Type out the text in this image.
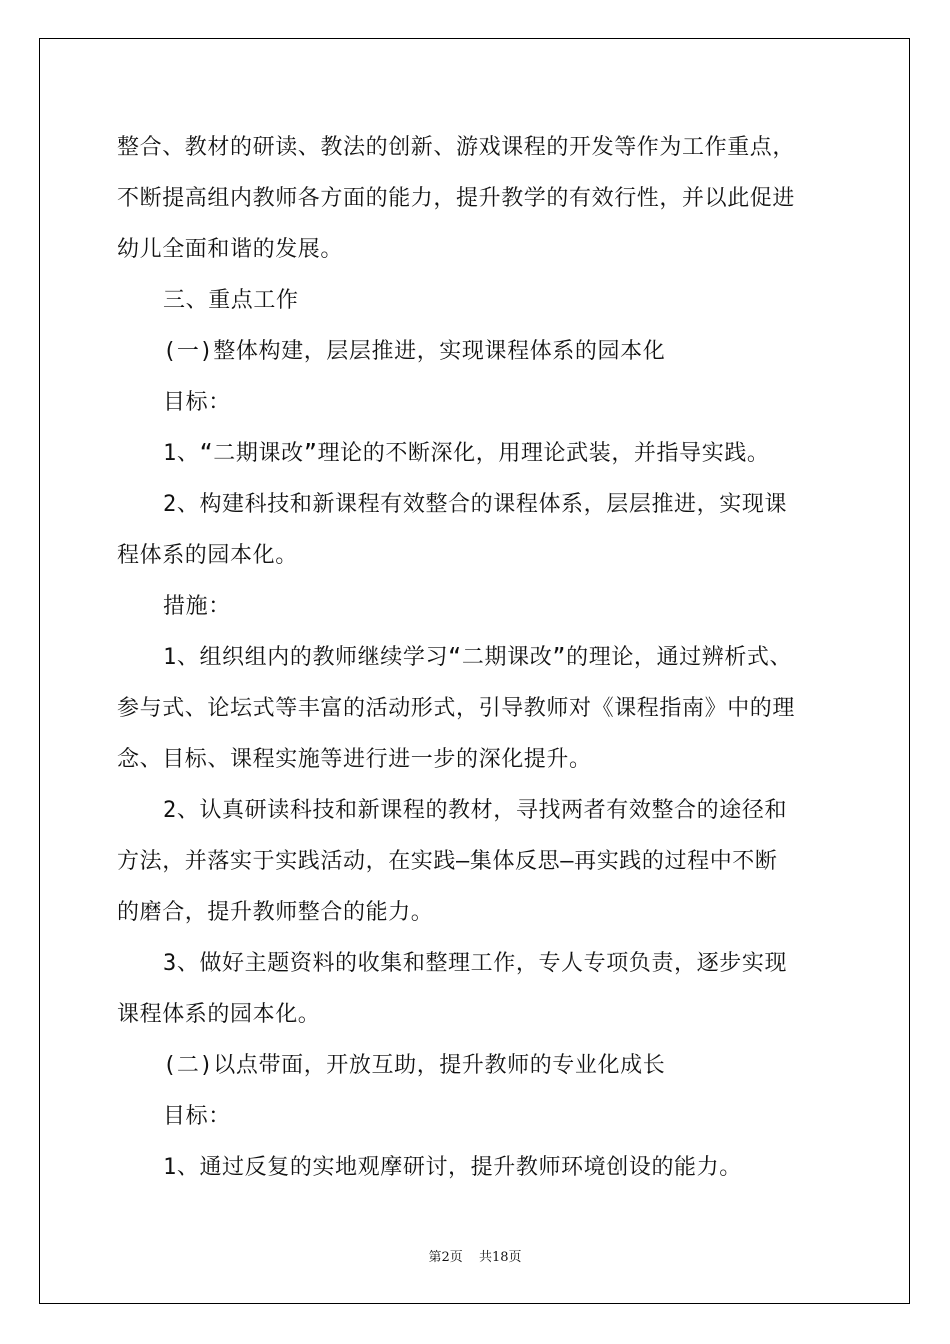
整合、教材的研读、教法的创新、游戏课程的开发等作为工作重点，
不断提高组内教师各方面的能力，提升教学的有效行性，并以此促进
幼儿全面和谐的发展。
三、重点工作
(一)整体构建，层层推进，实现课程体系的园本化
目标：
1、“二期课改”理论的不断深化，用理论武装，并指导实践。
2、构建科技和新课程有效整合的课程体系，层层推进，实现课
程体系的园本化。
措施：
1、组织组内的教师继续学习“二期课改”的理论，通过辨析式、
参与式、论坛式等丰富的活动形式，引导教师对《课程指南》中的理
念、目标、课程实施等进行进一步的深化提升。
2、认真研读科技和新课程的教材，寻找两者有效整合的途径和
方法，并落实于实践活动，在实践—集体反思—再实践的过程中不断
的磨合，提升教师整合的能力。
3、做好主题资料的收集和整理工作，专人专项负责，逐步实现
课程体系的园本化。
(二)以点带面，开放互助，提升教师的专业化成长
目标：
1、通过反复的实地观摩研讨，提升教师环境创设的能力。
第2页 共18页
